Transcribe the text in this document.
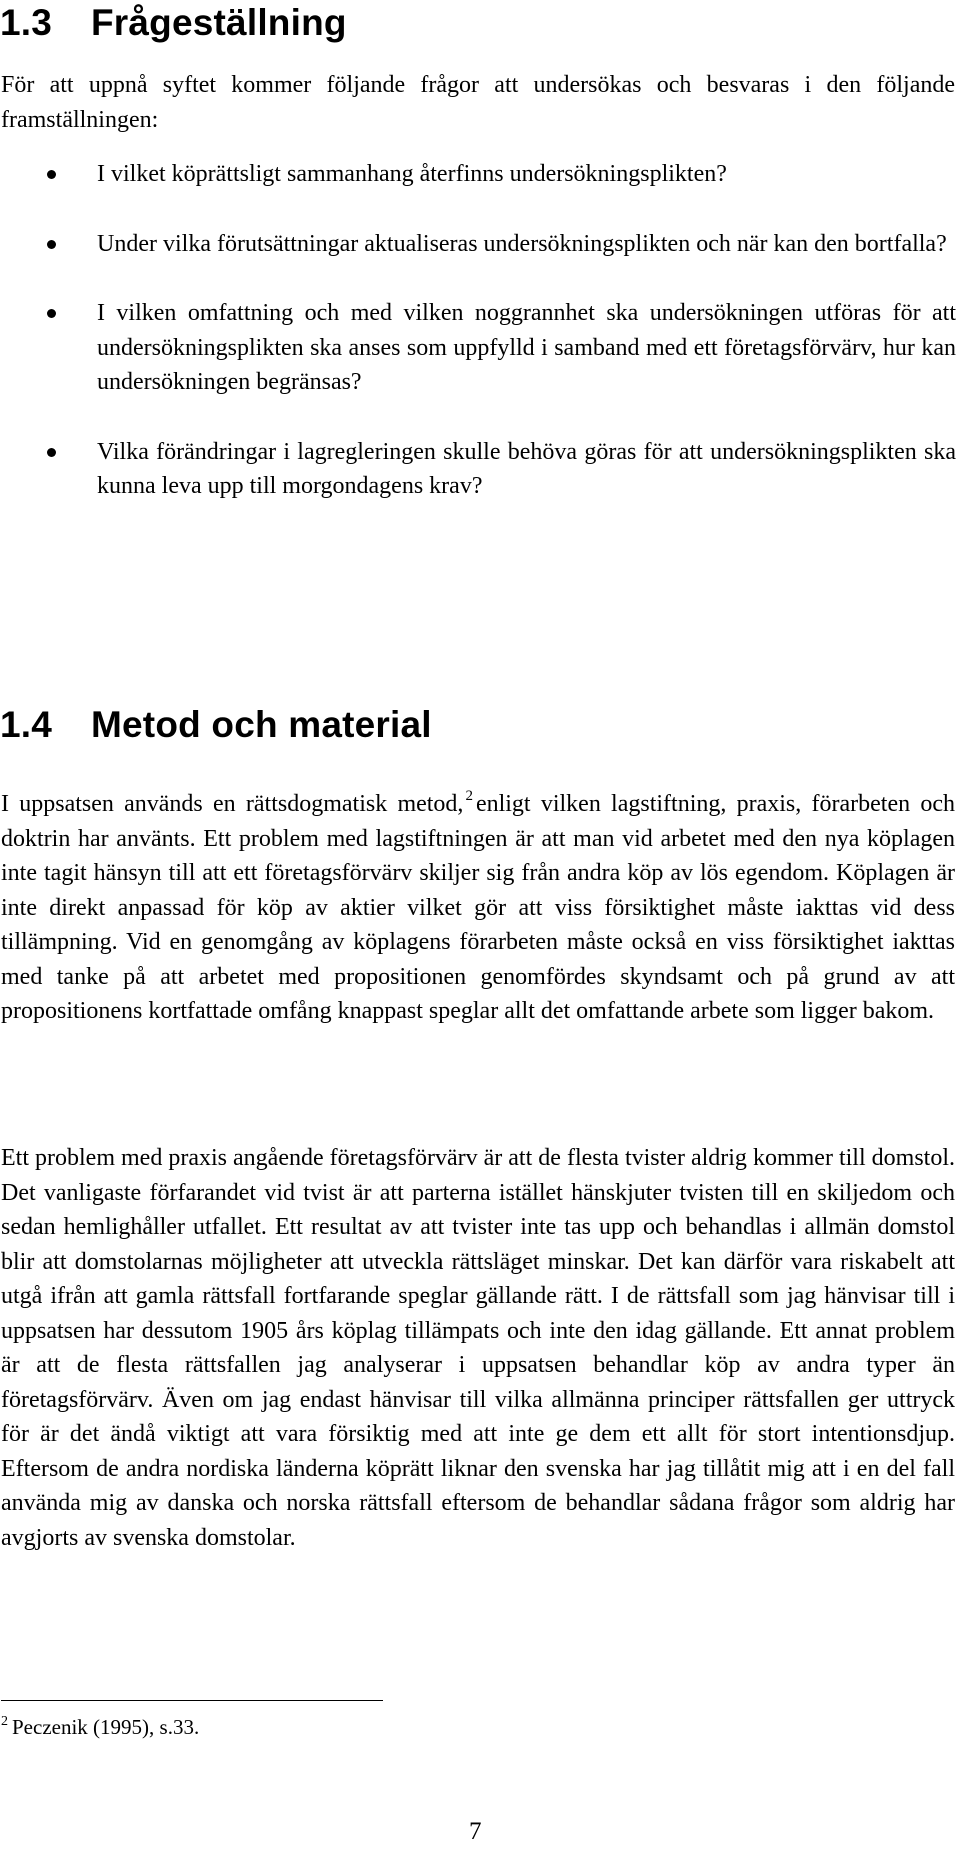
1.3 Frågeställning

För att uppnå syftet kommer följande frågor att undersökas och besvaras i den följande framställningen:

I vilket köprättsligt sammanhang återfinns undersökningsplikten?
Under vilka förutsättningar aktualiseras undersökningsplikten och när kan den bortfalla?
I vilken omfattning och med vilken noggrannhet ska undersökningen utföras för att undersökningsplikten ska anses som uppfylld i samband med ett företagsförvärv, hur kan undersökningen begränsas?
Vilka förändringar i lagregleringen skulle behöva göras för att undersökningsplikten ska kunna leva upp till morgondagens krav?
1.4 Metod och material

I uppsatsen används en rättsdogmatisk metod, $^2$ enligt vilken lagstiftning, praxis, förarbeten och doktrin har använts. Ett problem med lagstiftningen är att man vid arbetet med den nya köplagen inte tagit hänsyn till att ett företagsförvärv skiljer sig från andra köp av lös egendom. Köplagen är inte direkt anpassad för köp av aktier vilket gör att viss försiktighet måste iakttas vid dess tillämpning. Vid en genomgång av köplagens förarbeten måste också en viss försiktighet iakttas med tanke på att arbetet med propositionen genomfördes skyndsamt och på grund av att propositionens kortfattade omfång knappast speglar allt det omfattande arbete som ligger bakom.

Ett problem med praxis angående företagsförvärv är att de flesta tvister aldrig kommer till domstol. Det vanligaste förfarandet vid tvist är att parterna istället hänskjuter tvisten till en skiljedom och sedan hemlighåller utfallet. Ett resultat av att tvister inte tas upp och behandlas i allmän domstol blir att domstolarnas möjligheter att utveckla rättsläget minskar. Det kan därför vara riskabelt att utgå ifrån att gamla rättsfall fortfarande speglar gällande rätt. I de rättsfall som jag hänvisar till i uppsatsen har dessutom 1905 års köplag tillämpats och inte den idag gällande. Ett annat problem är att de flesta rättsfallen jag analyserar i uppsatsen behandlar köp av andra typer än företagsförvärv. Även om jag endast hänvisar till vilka allmänna principer rättsfallen ger uttryck för är det ändå viktigt att vara försiktig med att inte ge dem ett allt för stort intentionsdjup. Eftersom de andra nordiska länderna köprätt liknar den svenska har jag tillåtit mig att i en del fall använda mig av danska och norska rättsfall eftersom de behandlar sådana frågor som aldrig har avgjorts av svenska domstolar.

$^2$ Peczenik (1995), s.33.
7
